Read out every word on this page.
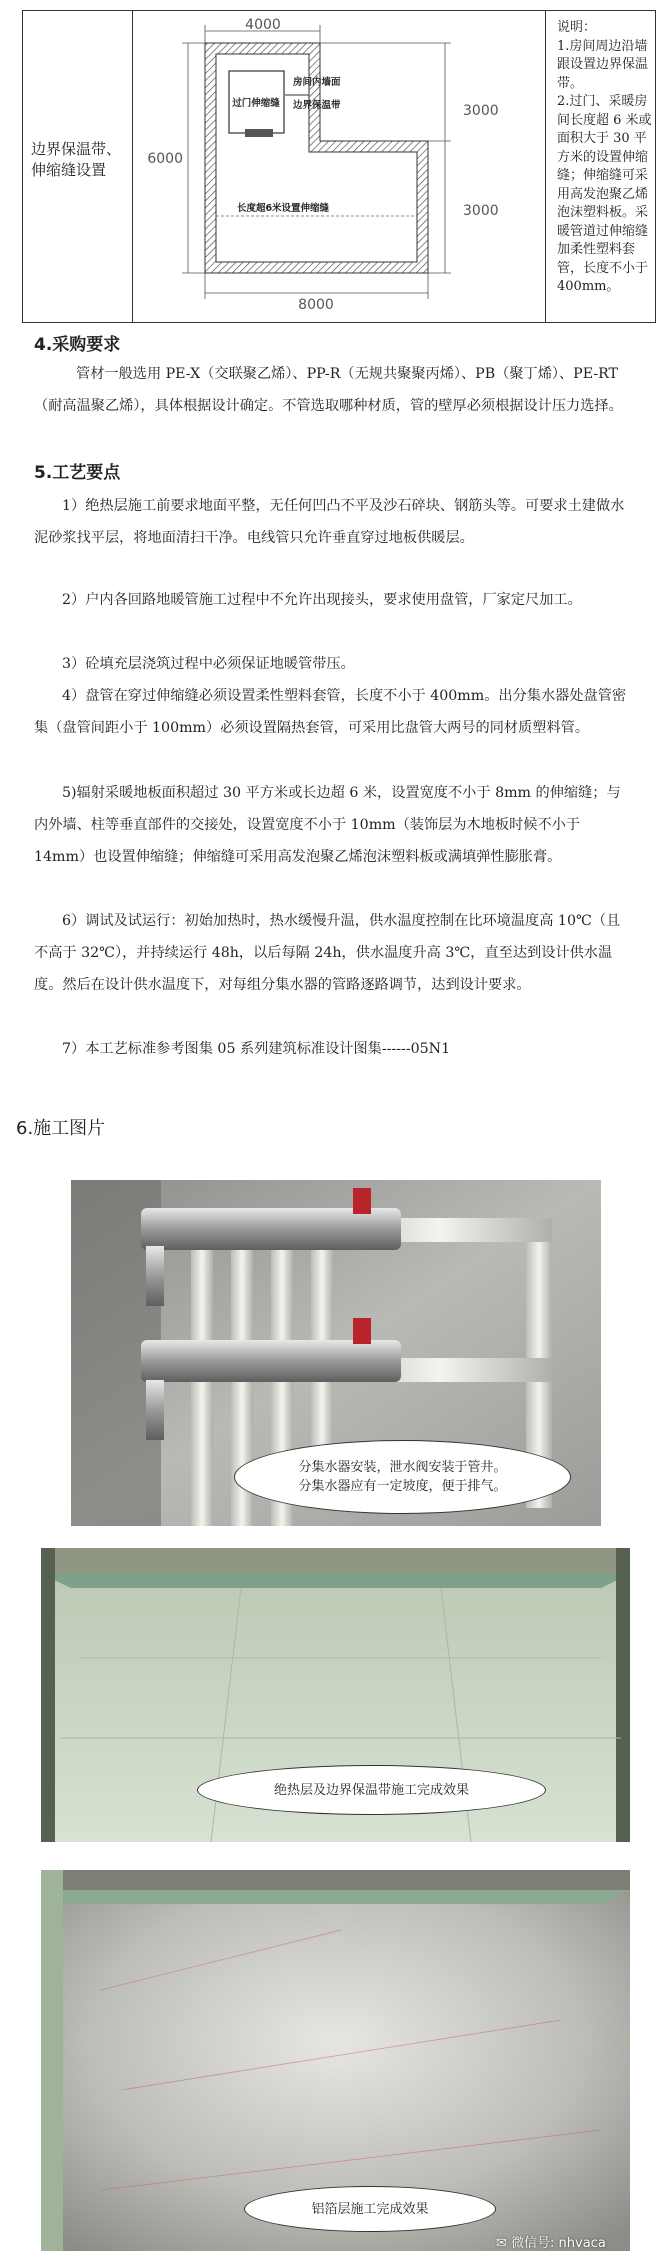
边界保温带、伸缩缝设置
4000
6000
3000
3000
8000
过门伸缩缝
房间内墙面
边界保温带
长度超6米设置伸缩缝
说明：
1.房间周边沿墙跟设置边界保温带。
2.过门、采暖房间长度超 6 米或面积大于 30 平方米的设置伸缩缝；伸缩缝可采用高发泡聚乙烯泡沫塑料板。采暖管道过伸缩缝加柔性塑料套管，长度不小于 400mm。
4.采购要求
管材一般选用 PE-X（交联聚乙烯）、PP-R（无规共聚聚丙烯）、PB（聚丁烯）、PE-RT（耐高温聚乙烯），具体根据设计确定。不管选取哪种材质，管的壁厚必须根据设计压力选择。
5.工艺要点
1）绝热层施工前要求地面平整，无任何凹凸不平及沙石碎块、钢筋头等。可要求土建做水泥砂浆找平层，将地面清扫干净。电线管只允许垂直穿过地板供暖层。
2）户内各回路地暖管施工过程中不允许出现接头，要求使用盘管，厂家定尺加工。
3）砼填充层浇筑过程中必须保证地暖管带压。
4）盘管在穿过伸缩缝必须设置柔性塑料套管，长度不小于 400mm。出分集水器处盘管密集（盘管间距小于 100mm）必须设置隔热套管，可采用比盘管大两号的同材质塑料管。
5)辐射采暖地板面积超过 30 平方米或长边超 6 米，设置宽度不小于 8mm 的伸缩缝；与内外墙、柱等垂直部件的交接处，设置宽度不小于 10mm（装饰层为木地板时候不小于 14mm）也设置伸缩缝；伸缩缝可采用高发泡聚乙烯泡沫塑料板或满填弹性膨胀膏。
6）调试及试运行：初始加热时，热水缓慢升温，供水温度控制在比环境温度高 10℃（且不高于 32℃），并持续运行 48h，以后每隔 24h，供水温度升高 3℃，直至达到设计供水温度。然后在设计供水温度下，对每组分集水器的管路逐路调节，达到设计要求。
7）本工艺标准参考图集 05 系列建筑标准设计图集------05N1
6.施工图片
分集水器安装，泄水阀安装于管井。
分集水器应有一定坡度，便于排气。
绝热层及边界保温带施工完成效果
铝箔层施工完成效果
✉ 微信号: nhvaca
